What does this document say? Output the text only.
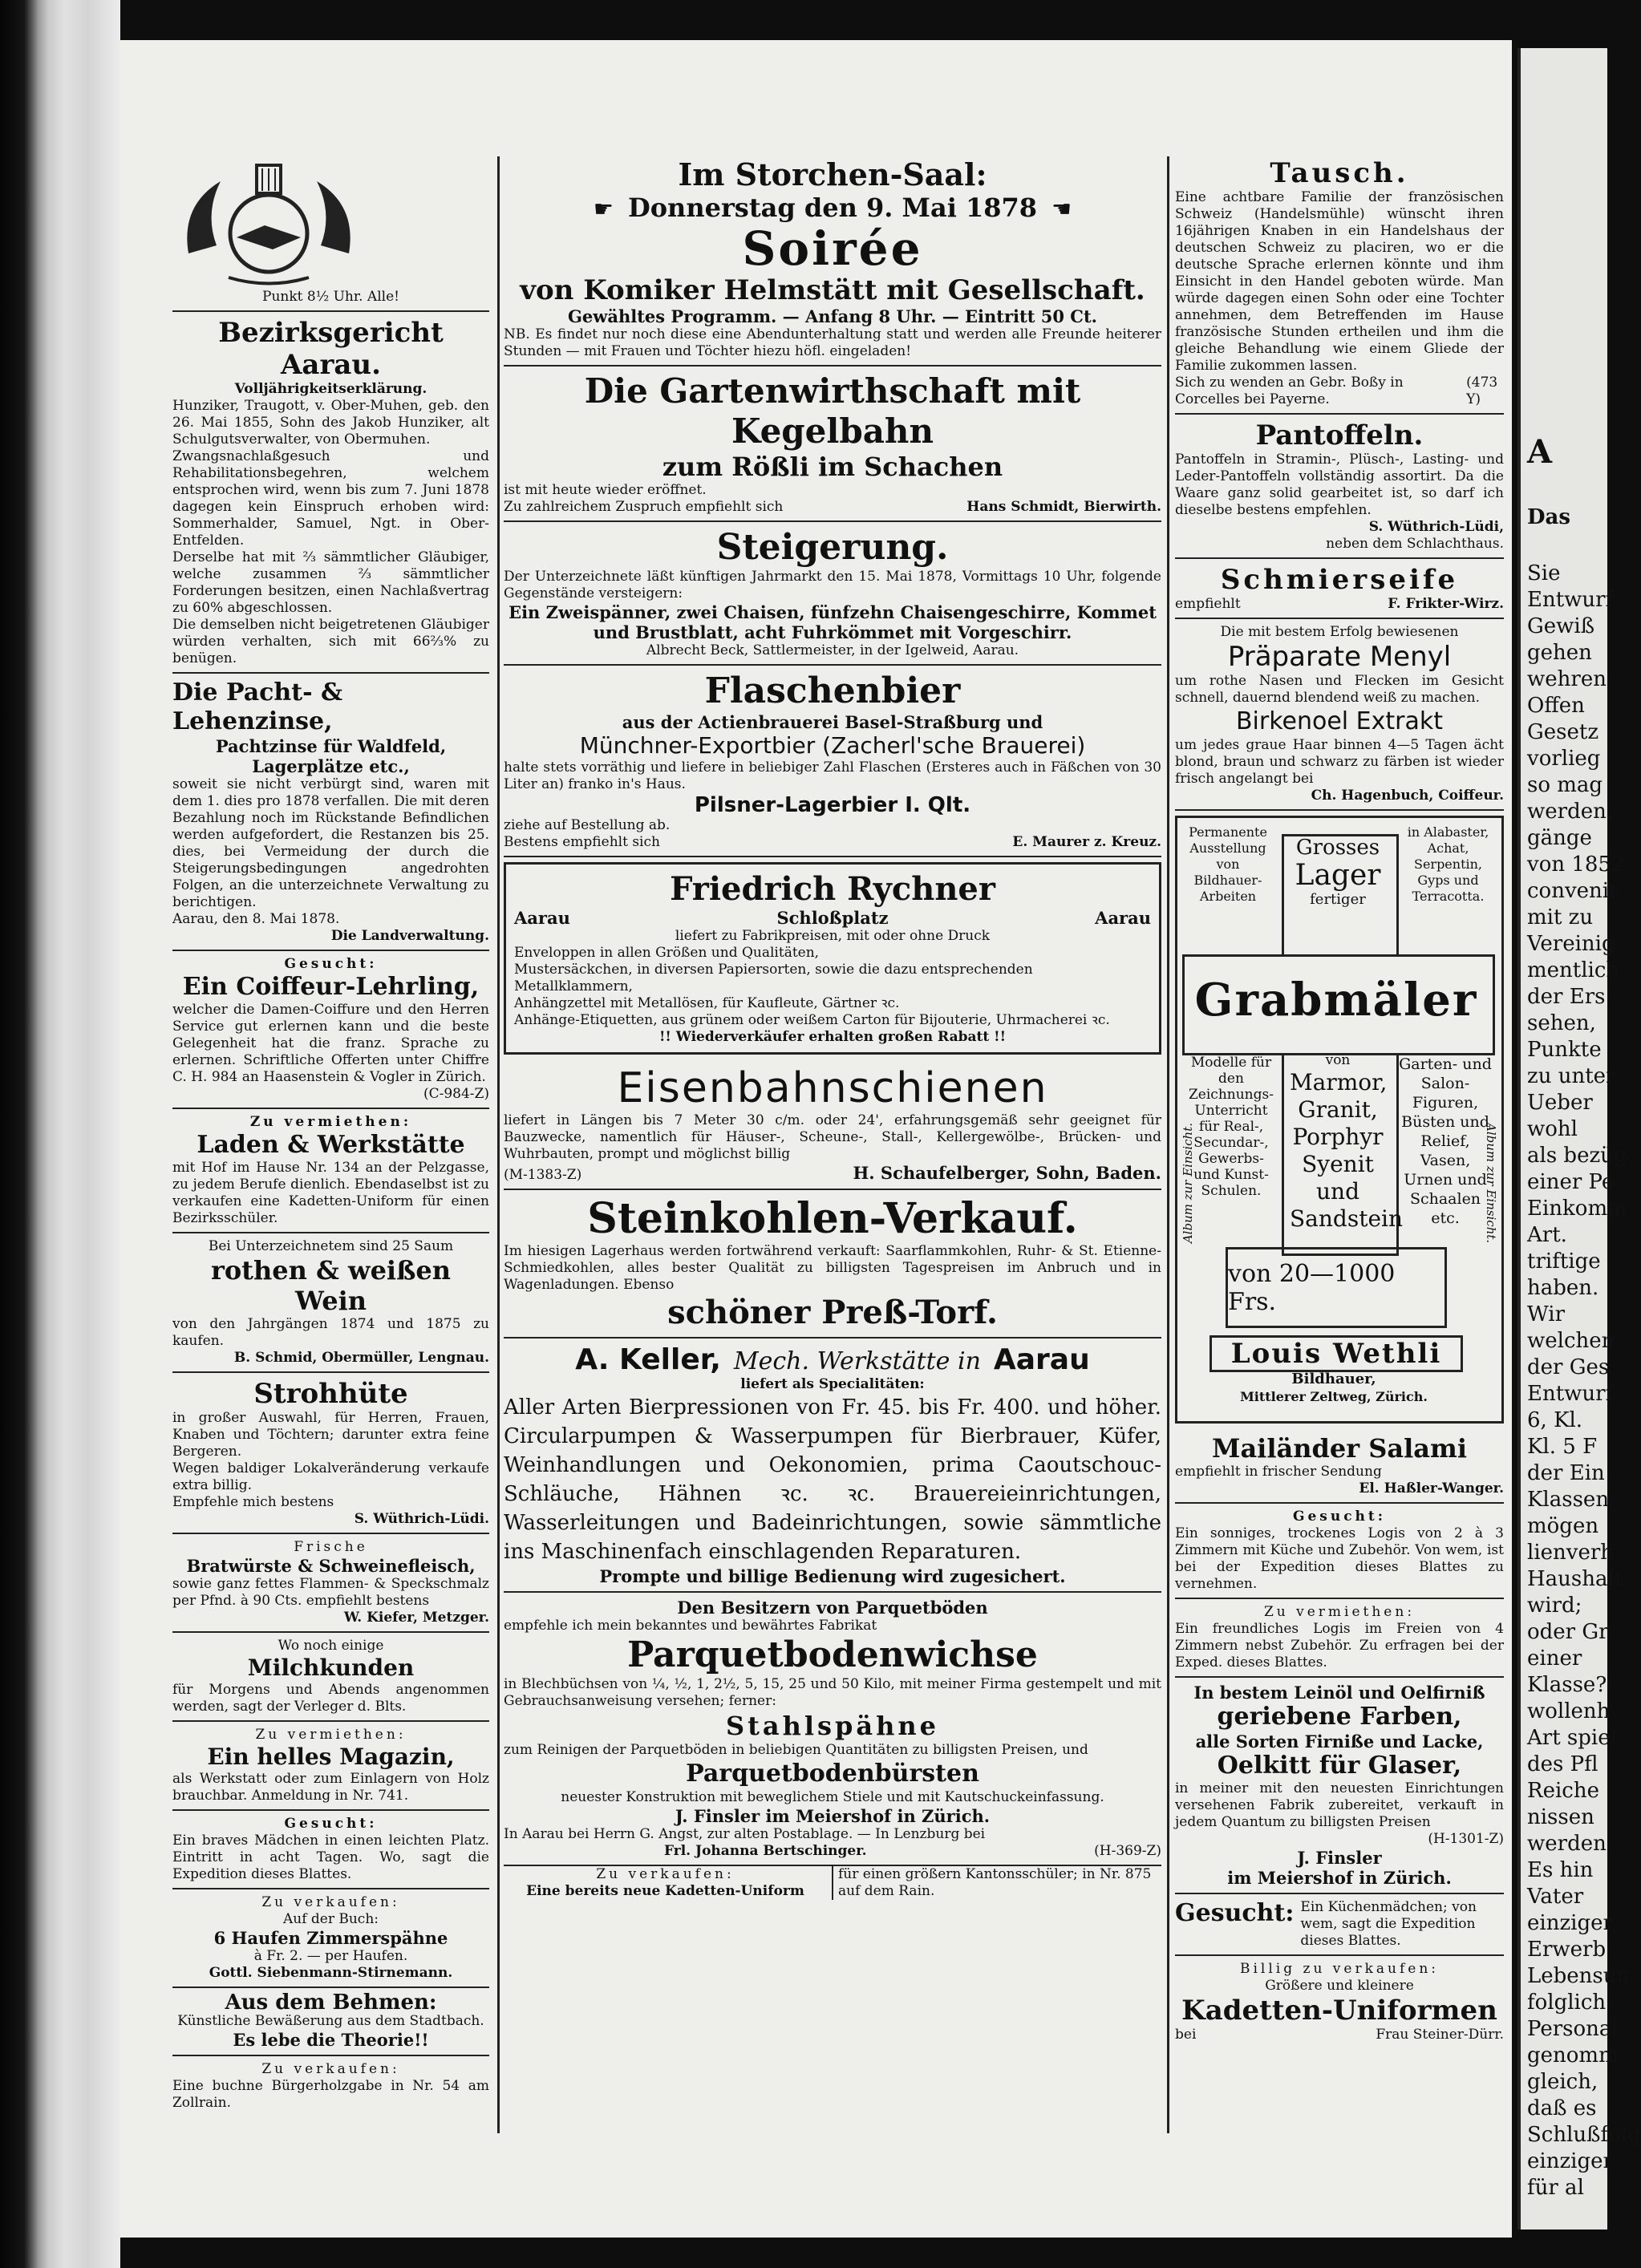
Punkt 8½ Uhr. Alle!
Bezirksgericht Aarau.
Volljährigkeitserklärung.
Hunziker, Traugott, v. Ober-Muhen, geb. den 26. Mai 1855, Sohn des Jakob Hunziker, alt Schulgutsverwalter, von Obermuhen.
Zwangsnachlaßgesuch und Rehabilitationsbegehren, welchem entsprochen wird, wenn bis zum 7. Juni 1878 dagegen kein Einspruch erhoben wird: Sommerhalder, Samuel, Ngt. in Ober-Entfelden.
Derselbe hat mit ⅔ sämmtlicher Gläubiger, welche zusammen ⅔ sämmtlicher Forderungen besitzen, einen Nachlaßvertrag zu 60% abgeschlossen.
Die demselben nicht beigetretenen Gläubiger würden verhalten, sich mit 66⅔% zu benügen.
Die Pacht- & Lehenzinse,
Pachtzinse für Waldfeld, Lagerplätze etc.,
soweit sie nicht verbürgt sind, waren mit dem 1. dies pro 1878 verfallen. Die mit deren Bezahlung noch im Rückstande Befindlichen werden aufgefordert, die Restanzen bis 25. dies, bei Vermeidung der durch die Steigerungsbedingungen angedrohten Folgen, an die unterzeichnete Verwaltung zu berichtigen.
Aarau, den 8. Mai 1878.
Die Landverwaltung.
Gesucht:
Ein Coiffeur-Lehrling,
welcher die Damen-Coiffure und den Herren Service gut erlernen kann und die beste Gelegenheit hat die franz. Sprache zu erlernen. Schriftliche Offerten unter Chiffre C. H. 984 an Haasenstein & Vogler in Zürich.
(C-984-Z)
Zu vermiethen:
Laden & Werkstätte
mit Hof im Hause Nr. 134 an der Pelzgasse, zu jedem Berufe dienlich. Ebendaselbst ist zu verkaufen eine Kadetten-Uniform für einen Bezirksschüler.
Bei Unterzeichnetem sind 25 Saum
rothen & weißen Wein
von den Jahrgängen 1874 und 1875 zu kaufen.
B. Schmid, Obermüller, Lengnau.
Strohhüte
in großer Auswahl, für Herren, Frauen, Knaben und Töchtern; darunter extra feine Bergeren.
Wegen baldiger Lokalveränderung verkaufe extra billig.
Empfehle mich bestens
S. Wüthrich-Lüdi.
Frische
Bratwürste & Schweinefleisch,
sowie ganz fettes Flammen- & Speckschmalz per Pfnd. à 90 Cts. empfiehlt bestens
W. Kiefer, Metzger.
Wo noch einige
Milchkunden
für Morgens und Abends angenommen werden, sagt der Verleger d. Blts.
Zu vermiethen:
Ein helles Magazin,
als Werkstatt oder zum Einlagern von Holz brauchbar. Anmeldung in Nr. 741.
Gesucht:
Ein braves Mädchen in einen leichten Platz. Eintritt in acht Tagen. Wo, sagt die Expedition dieses Blattes.
Zu verkaufen:
Auf der Buch:
6 Haufen Zimmerspähne
à Fr. 2. — per Haufen.
Gottl. Siebenmann-Stirnemann.
Aus dem Behmen:
Künstliche Bewäßerung aus dem Stadtbach.
Es lebe die Theorie!!
Zu verkaufen:
Eine buchne Bürgerholzgabe in Nr. 54 am Zollrain.
Im Storchen-Saal:
☛ Donnerstag den 9. Mai 1878 ☚
Soirée
von Komiker Helmstätt mit Gesellschaft.
Gewähltes Programm. — Anfang 8 Uhr. — Eintritt 50 Ct.
NB. Es findet nur noch diese eine Abendunterhaltung statt und werden alle Freunde heiterer Stunden — mit Frauen und Töchter hiezu höfl. eingeladen!
Die Gartenwirthschaft mit Kegelbahn
zum Rößli im Schachen
ist mit heute wieder eröffnet.
Zu zahlreichem Zuspruch empfiehlt sich	Hans Schmidt, Bierwirth.
Steigerung.
Der Unterzeichnete läßt künftigen Jahrmarkt den 15. Mai 1878, Vormittags 10 Uhr, folgende Gegenstände versteigern:
Ein Zweispänner, zwei Chaisen, fünfzehn Chaisengeschirre, Kommet und Brustblatt, acht Fuhrkömmet mit Vorgeschirr.
Albrecht Beck, Sattlermeister, in der Igelweid, Aarau.
Flaschenbier
aus der Actienbrauerei Basel-Straßburg und
Münchner-Exportbier (Zacherl'sche Brauerei)
halte stets vorräthig und liefere in beliebiger Zahl Flaschen (Ersteres auch in Fäßchen von 30 Liter an) franko in's Haus.
Pilsner-Lagerbier I. Qlt.
ziehe auf Bestellung ab.
Bestens empfiehlt sich	E. Maurer z. Kreuz.
Friedrich Rychner
Aarau	Schloßplatz	Aarau
liefert zu Fabrikpreisen, mit oder ohne Druck
Enveloppen in allen Größen und Qualitäten,
Mustersäckchen, in diversen Papiersorten, sowie die dazu entsprechenden Metallklammern,
Anhängzettel mit Metallösen, für Kaufleute, Gärtner ꝛc.
Anhänge-Etiquetten, aus grünem oder weißem Carton für Bijouterie, Uhrmacherei ꝛc.
!! Wiederverkäufer erhalten großen Rabatt !!
Eisenbahnschienen
liefert in Längen bis 7 Meter 30 c/m. oder 24', erfahrungsgemäß sehr geeignet für Bauzwecke, namentlich für Häuser-, Scheune-, Stall-, Kellergewölbe-, Brücken- und Wuhrbauten, prompt und möglichst billig
(M-1383-Z)	H. Schaufelberger, Sohn, Baden.
Steinkohlen-Verkauf.
Im hiesigen Lagerhaus werden fortwährend verkauft: Saarflammkohlen, Ruhr- & St. Etienne-Schmiedkohlen, alles bester Qualität zu billigsten Tagespreisen im Anbruch und in Wagenladungen. Ebenso
schöner Preß-Torf.
A. Keller, Mech. Werkstätte in Aarau
liefert als Specialitäten:
Aller Arten Bierpressionen von Fr. 45. bis Fr. 400. und höher. Circularpumpen & Wasserpumpen für Bierbrauer, Küfer, Weinhandlungen und Oekonomien, prima Caoutschouc-Schläuche, Hähnen ꝛc. ꝛc. Brauereieinrichtungen, Wasserleitungen und Badeinrichtungen, sowie sämmtliche ins Maschinenfach einschlagenden Reparaturen.
Prompte und billige Bedienung wird zugesichert.
Den Besitzern von Parquetböden
empfehle ich mein bekanntes und bewährtes Fabrikat
Parquetbodenwichse
in Blechbüchsen von ¼, ½, 1, 2½, 5, 15, 25 und 50 Kilo, mit meiner Firma gestempelt und mit Gebrauchsanweisung versehen; ferner:
Stahlspähne
zum Reinigen der Parquetböden in beliebigen Quantitäten zu billigsten Preisen, und
Parquetbodenbürsten
neuester Konstruktion mit beweglichem Stiele und mit Kautschuckeinfassung.
J. Finsler im Meiershof in Zürich.
In Aarau bei Herrn G. Angst, zur alten Postablage. — In Lenzburg bei
Frl. Johanna Bertschinger.	(H-369-Z)
Zu verkaufen:
Eine bereits neue Kadetten-Uniform
für einen größern Kantonsschüler; in Nr. 875 auf dem Rain.
Tausch.
Eine achtbare Familie der französischen Schweiz (Handelsmühle) wünscht ihren 16jährigen Knaben in ein Handelshaus der deutschen Schweiz zu placiren, wo er die deutsche Sprache erlernen könnte und ihm Einsicht in den Handel geboten würde. Man würde dagegen einen Sohn oder eine Tochter annehmen, dem Betreffenden im Hause französische Stunden ertheilen und ihm die gleiche Behandlung wie einem Gliede der Familie zukommen lassen.
Sich zu wenden an Gebr. Boßy in Corcelles bei Payerne.
(473 Y)
Pantoffeln.
Pantoffeln in Stramin-, Plüsch-, Lasting- und Leder-Pantoffeln vollständig assortirt. Da die Waare ganz solid gearbeitet ist, so darf ich dieselbe bestens empfehlen.
S. Wüthrich-Lüdi,
neben dem Schlachthaus.
Schmierseife
empfiehlt	F. Frikter-Wirz.
Die mit bestem Erfolg bewiesenen
Präparate Menyl
um rothe Nasen und Flecken im Gesicht schnell, dauernd blendend weiß zu machen.
Birkenoel Extrakt
um jedes graue Haar binnen 4—5 Tagen ächt blond, braun und schwarz zu färben ist wieder frisch angelangt bei
Ch. Hagenbuch, Coiffeur.
Permanente Ausstellung von Bildhauer-Arbeiten
Grosses
Lager
fertiger
in Alabaster, Achat, Serpentin, Gyps und Terracotta.
Grabmäler
Modelle für den Zeichnungs-Unterricht für Real-, Secundar-, Gewerbs- und Kunst-Schulen.
von
Marmor, Granit, Porphyr Syenit und Sandstein
Garten- und Salon-Figuren, Büsten und Relief, Vasen, Urnen und Schaalen etc.
von 20—1000 Frs.
Louis Wethli
Bildhauer,
Mittlerer Zeltweg, Zürich.
Album zur Einsicht.	Album zur Einsicht.
Mailänder Salami
empfiehlt in frischer Sendung
El. Haßler-Wanger.
Gesucht:
Ein sonniges, trockenes Logis von 2 à 3 Zimmern mit Küche und Zubehör. Von wem, ist bei der Expedition dieses Blattes zu vernehmen.
Zu vermiethen:
Ein freundliches Logis im Freien von 4 Zimmern nebst Zubehör. Zu erfragen bei der Exped. dieses Blattes.
In bestem Leinöl und Oelfirniß
geriebene Farben,
alle Sorten Firniße und Lacke,
Oelkitt für Glaser,
in meiner mit den neuesten Einrichtungen versehenen Fabrik zubereitet, verkauft in jedem Quantum zu billigsten Preisen
(H-1301-Z)
J. Finsler
im Meiershof in Zürich.
Gesucht: Ein Küchenmädchen; von wem, sagt die Expedition dieses Blattes.
Billig zu verkaufen:
Größere und kleinere
Kadetten-Uniformen
bei	Frau Steiner-Dürr.
A
Das
Sie
Entwurf
Gewiß
gehen
wehren
Offen
Gesetz
vorlieg
so mag
werden.
gänge
von 1852
convenir
mit zu
Vereinig
mentlich
der Ers
sehen,
Punkte
zu unter
Ueber
wohl
als bezüg
einer Pe
Einkomm
Art.
triftige
haben.
Wir
welchen
der Ges
Entwurf
6, Kl.
Kl. 5 F
der Ein
Klassen
mögen
lienverh
Haushalt
wird;
oder Gr
einer
Klasse?
wollenh
Art spiel
des Pfl
Reiche
nissen
werden
Es hin
Vater
einziger
Erwerb
Lebensun
folglich
Personal
genomm
gleich,
daß es
Schlußfolg
einziger
für al
